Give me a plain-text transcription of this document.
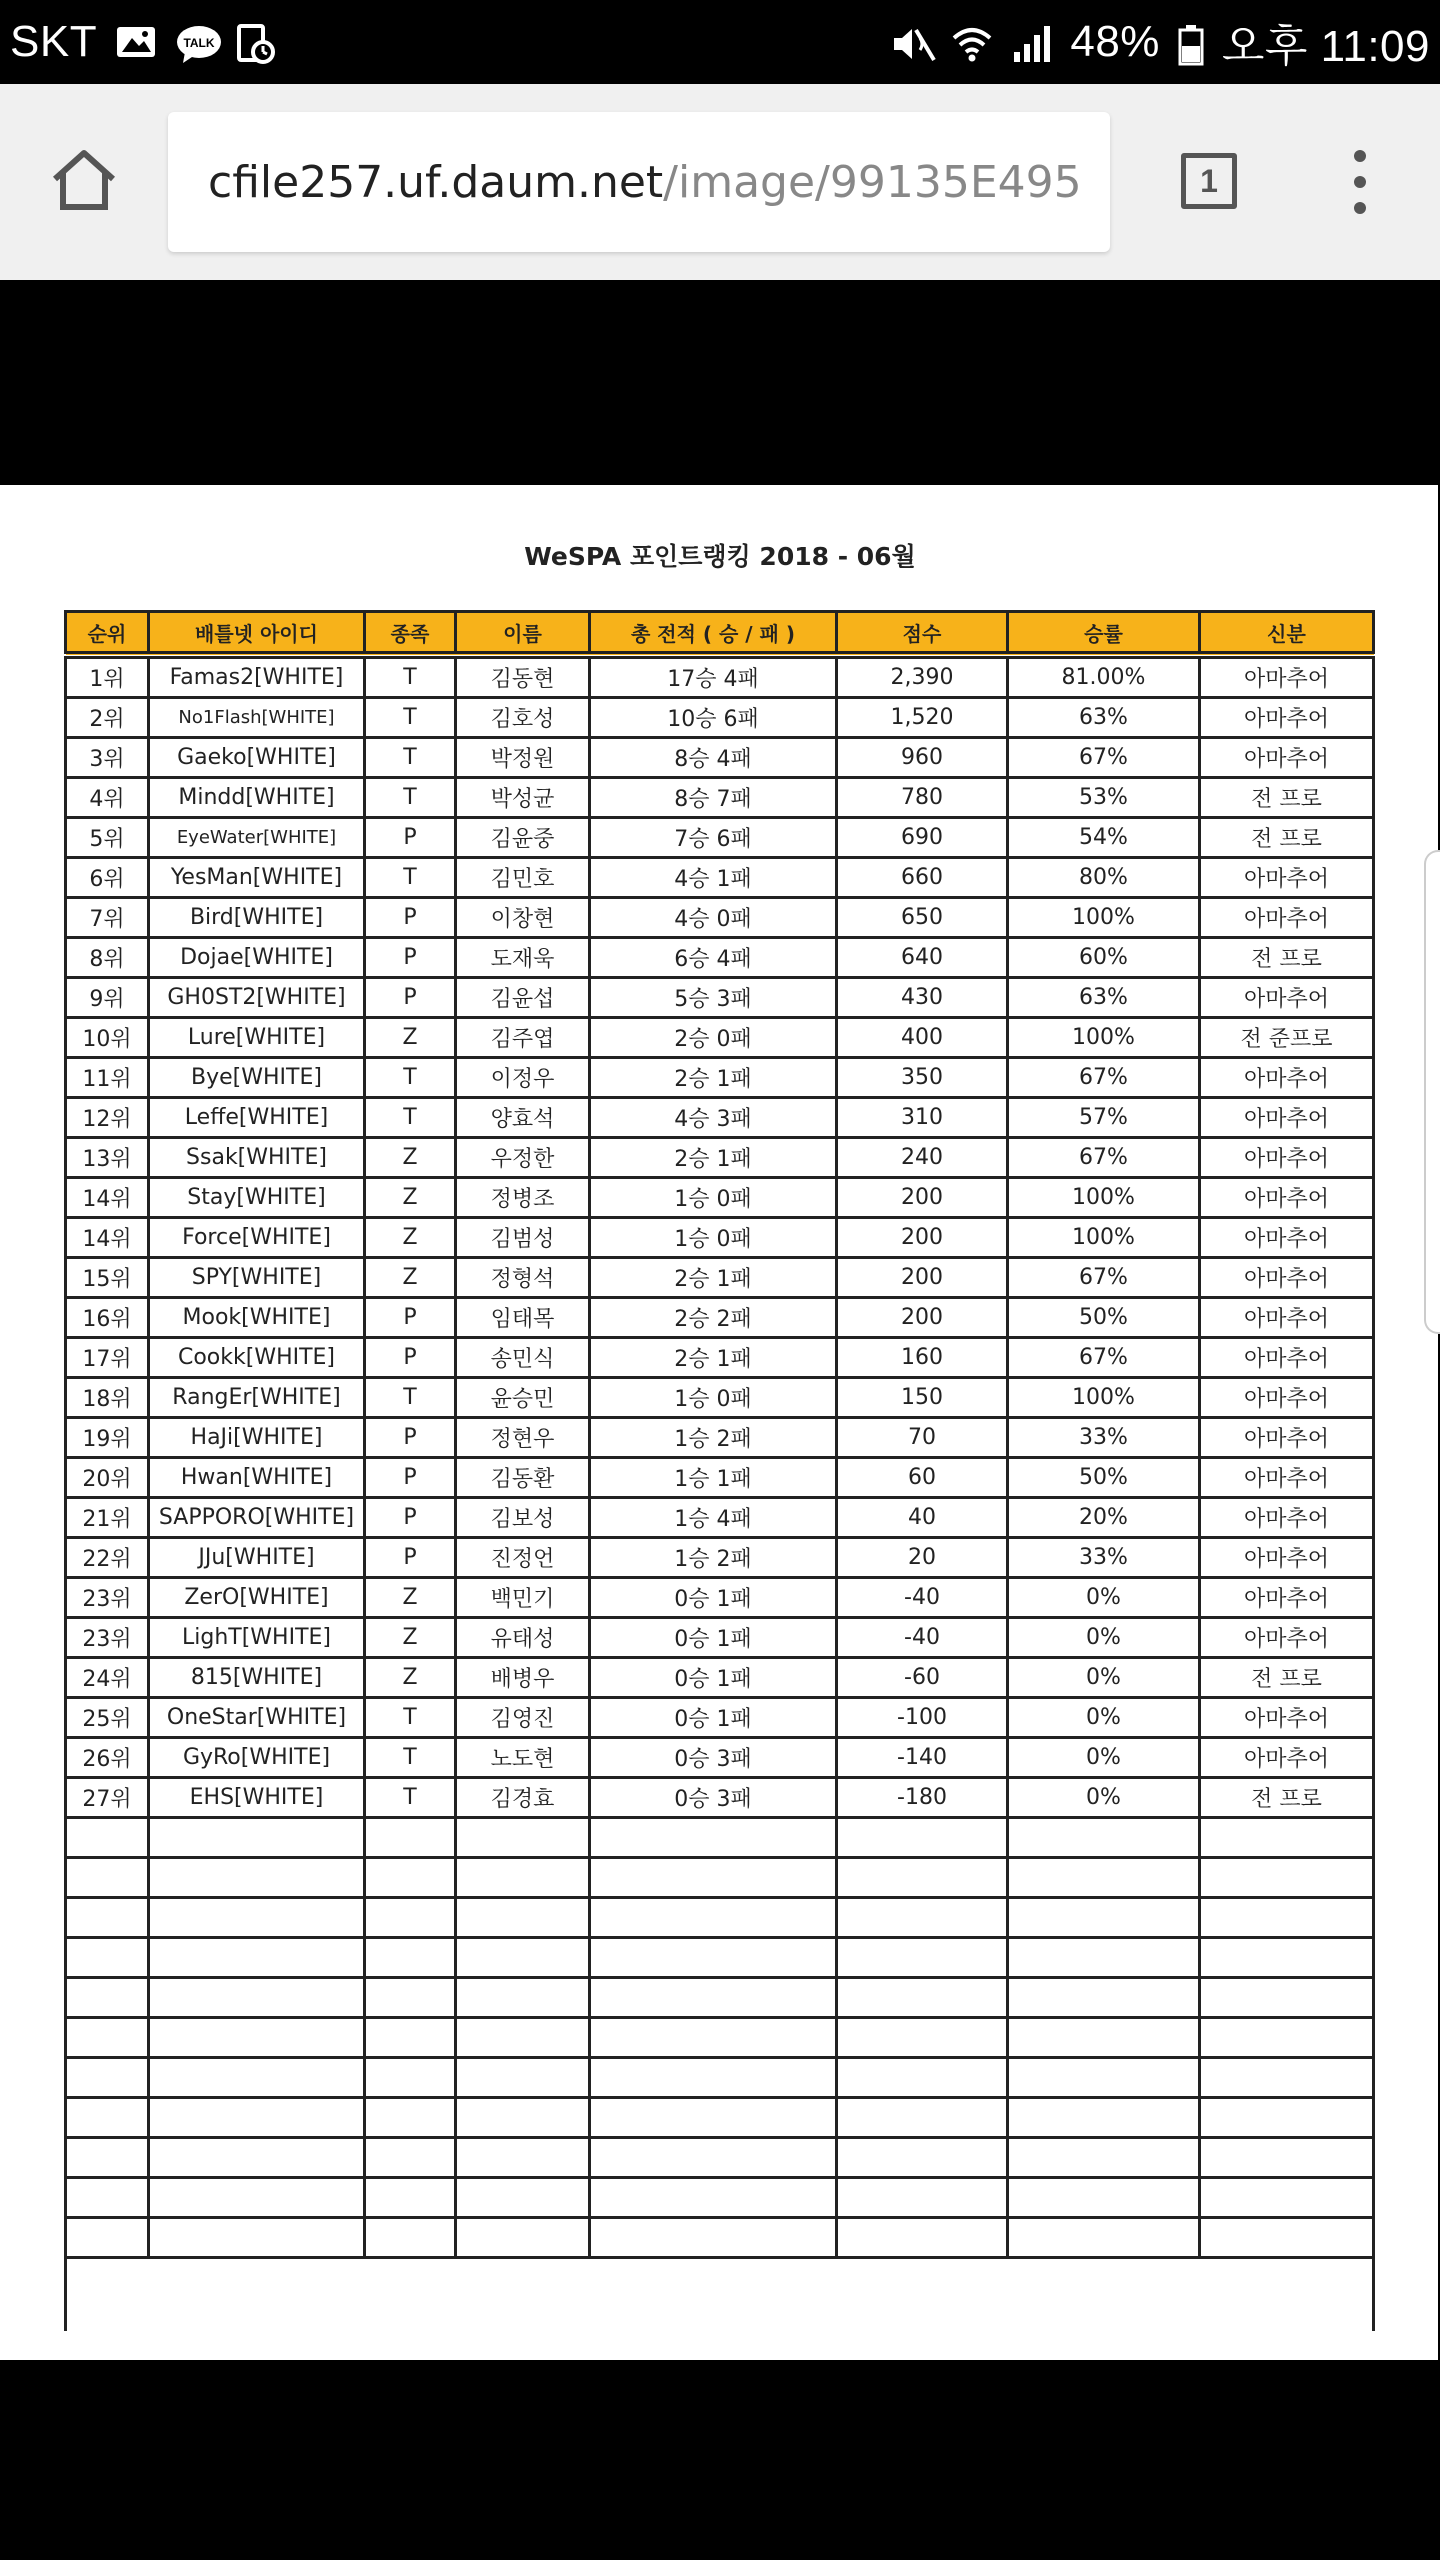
SKT	TALK	48% 오후 11:09
cfile257.uf.daum.net /image/99135E495	1
WeSPA 포인트랭킹 2018 - 06월
순위	배틀넷 아이디	종족	이름	총 전적 ( 승 / 패 )	점수	승률	신분
1위	Famas2[WHITE]	T	김동현	17승 4패	2,390	81.00%	아마추어
2위	No1Flash[WHITE]	T	김호성	10승 6패	1,520	63%	아마추어
3위	Gaeko[WHITE]	T	박정원	8승 4패	960	67%	아마추어
4위	Mindd[WHITE]	T	박성균	8승 7패	780	53%	전 프로
5위	EyeWater[WHITE]	P	김윤중	7승 6패	690	54%	전 프로
6위	YesMan[WHITE]	T	김민호	4승 1패	660	80%	아마추어
7위	Bird[WHITE]	P	이창현	4승 0패	650	100%	아마추어
8위	Dojae[WHITE]	P	도재욱	6승 4패	640	60%	전 프로
9위	GH0ST2[WHITE]	P	김윤섭	5승 3패	430	63%	아마추어
10위	Lure[WHITE]	Z	김주엽	2승 0패	400	100%	전 준프로
11위	Bye[WHITE]	T	이정우	2승 1패	350	67%	아마추어
12위	Leffe[WHITE]	T	양효석	4승 3패	310	57%	아마추어
13위	Ssak[WHITE]	Z	우정한	2승 1패	240	67%	아마추어
14위	Stay[WHITE]	Z	정병조	1승 0패	200	100%	아마추어
14위	Force[WHITE]	Z	김범성	1승 0패	200	100%	아마추어
15위	SPY[WHITE]	Z	정형석	2승 1패	200	67%	아마추어
16위	Mook[WHITE]	P	임태목	2승 2패	200	50%	아마추어
17위	Cookk[WHITE]	P	송민식	2승 1패	160	67%	아마추어
18위	RangEr[WHITE]	T	윤승민	1승 0패	150	100%	아마추어
19위	HaJi[WHITE]	P	정현우	1승 2패	70	33%	아마추어
20위	Hwan[WHITE]	P	김동환	1승 1패	60	50%	아마추어
21위	SAPPORO[WHITE]	P	김보성	1승 4패	40	20%	아마추어
22위	JJu[WHITE]	P	진정언	1승 2패	20	33%	아마추어
23위	ZerO[WHITE]	Z	백민기	0승 1패	-40	0%	아마추어
23위	LighT[WHITE]	Z	유태성	0승 1패	-40	0%	아마추어
24위	815[WHITE]	Z	배병우	0승 1패	-60	0%	전 프로
25위	OneStar[WHITE]	T	김영진	0승 1패	-100	0%	아마추어
26위	GyRo[WHITE]	T	노도현	0승 3패	-140	0%	아마추어
27위	EHS[WHITE]	T	김경효	0승 3패	-180	0%	전 프로
